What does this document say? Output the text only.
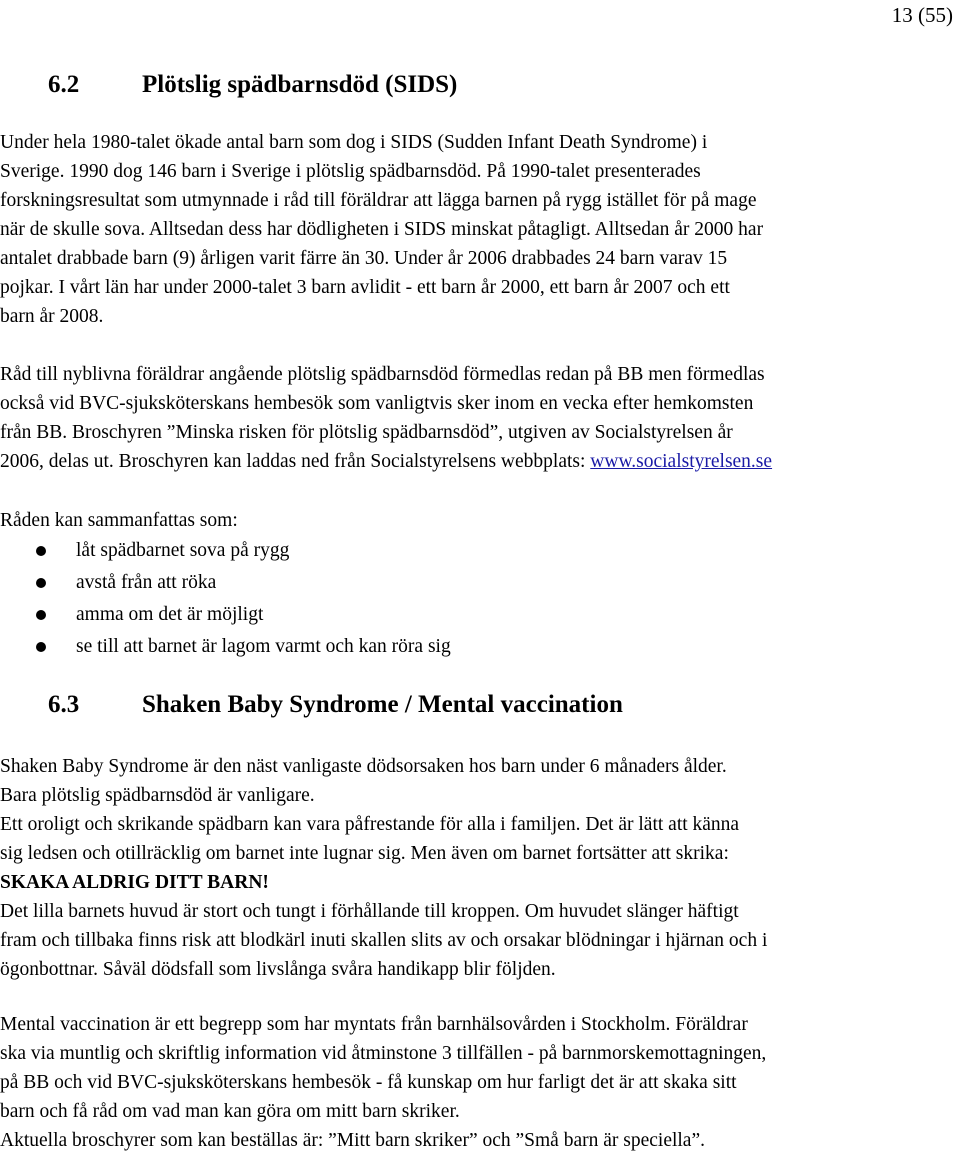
13 (55)
6.2	Plötslig spädbarnsdöd (SIDS)
Under hela 1980-talet ökade antal barn som dog i SIDS (Sudden Infant Death Syndrome) i
Sverige. 1990 dog 146 barn i Sverige i plötslig spädbarnsdöd. På 1990-talet presenterades
forskningsresultat som utmynnade i råd till föräldrar att lägga barnen på rygg istället för på mage
när de skulle sova. Alltsedan dess har dödligheten i SIDS minskat påtagligt. Alltsedan år 2000 har
antalet drabbade barn (9) årligen varit färre än 30. Under år 2006 drabbades 24 barn varav 15
pojkar. I vårt län har under 2000-talet 3 barn avlidit - ett barn år 2000, ett barn år 2007 och ett
barn år 2008.
Råd till nyblivna föräldrar angående plötslig spädbarnsdöd förmedlas redan på BB men förmedlas
också vid BVC-sjuksköterskans hembesök som vanligtvis sker inom en vecka efter hemkomsten
från BB. Broschyren ”Minska risken för plötslig spädbarnsdöd”, utgiven av Socialstyrelsen år
2006, delas ut. Broschyren kan laddas ned från Socialstyrelsens webbplats: www.socialstyrelsen.se
Råden kan sammanfattas som:
låt spädbarnet sova på rygg
avstå från att röka
amma om det är möjligt
se till att barnet är lagom varmt och kan röra sig
6.3	Shaken Baby Syndrome / Mental vaccination
Shaken Baby Syndrome är den näst vanligaste dödsorsaken hos barn under 6 månaders ålder.
Bara plötslig spädbarnsdöd är vanligare.
Ett oroligt och skrikande spädbarn kan vara påfrestande för alla i familjen. Det är lätt att känna
sig ledsen och otillräcklig om barnet inte lugnar sig. Men även om barnet fortsätter att skrika:
SKAKA ALDRIG DITT BARN!
Det lilla barnets huvud är stort och tungt i förhållande till kroppen. Om huvudet slänger häftigt
fram och tillbaka finns risk att blodkärl inuti skallen slits av och orsakar blödningar i hjärnan och i
ögonbottnar. Såväl dödsfall som livslånga svåra handikapp blir följden.
Mental vaccination är ett begrepp som har myntats från barnhälsovården i Stockholm. Föräldrar
ska via muntlig och skriftlig information vid åtminstone 3 tillfällen - på barnmorskemottagningen,
på BB och vid BVC-sjuksköterskans hembesök - få kunskap om hur farligt det är att skaka sitt
barn och få råd om vad man kan göra om mitt barn skriker.
Aktuella broschyrer som kan beställas är: ”Mitt barn skriker” och ”Små barn är speciella”.
